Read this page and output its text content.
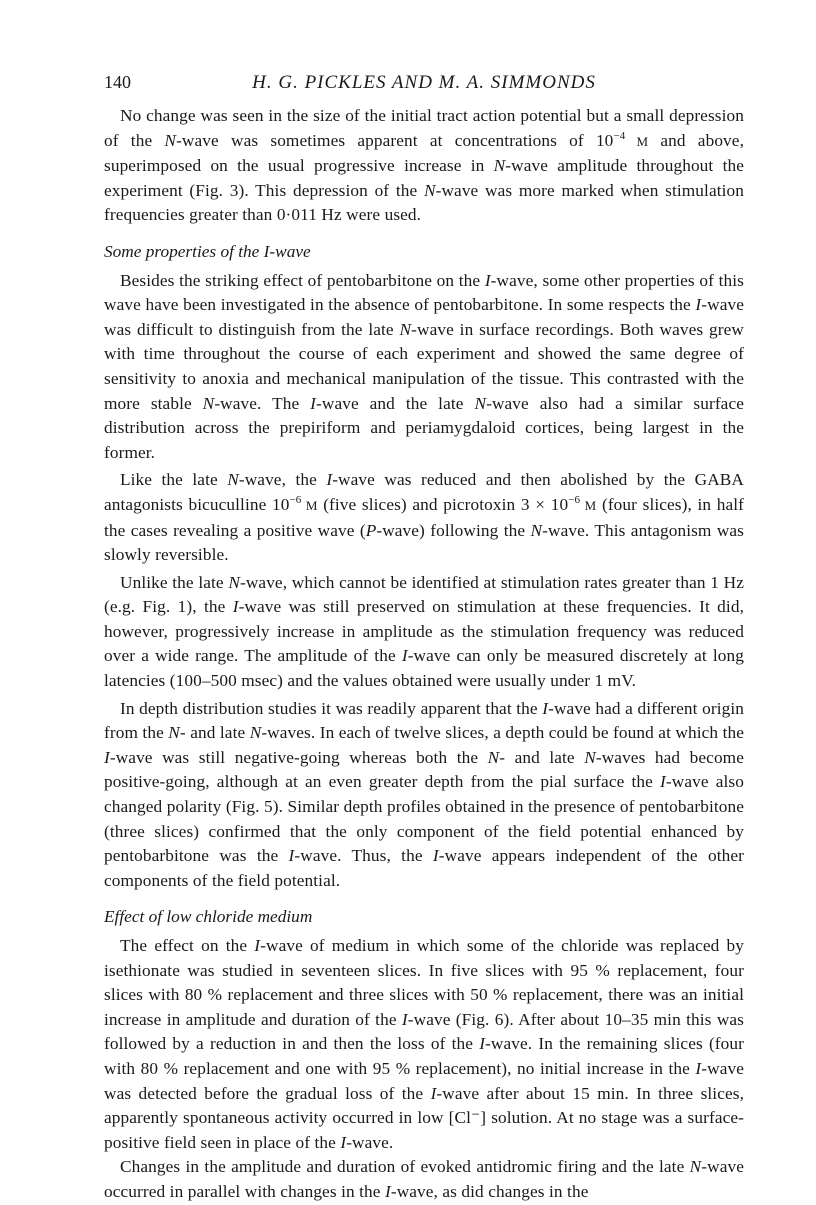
140	H. G. PICKLES AND M. A. SIMMONDS

No change was seen in the size of the initial tract action potential but a small depression of the N-wave was sometimes apparent at concentrations of $10^{-4}$ M and above, superimposed on the usual progressive increase in N-wave amplitude throughout the experiment (Fig. 3). This depression of the N-wave was more marked when stimulation frequencies greater than 0·011 Hz were used.

Some properties of the I-wave

Besides the striking effect of pentobarbitone on the I-wave, some other properties of this wave have been investigated in the absence of pentobarbitone. In some respects the I-wave was difficult to distinguish from the late N-wave in surface recordings. Both waves grew with time throughout the course of each experiment and showed the same degree of sensitivity to anoxia and mechanical manipulation of the tissue. This contrasted with the more stable N-wave. The I-wave and the late N-wave also had a similar surface distribution across the prepiriform and periamygdaloid cortices, being largest in the former.

Like the late N-wave, the I-wave was reduced and then abolished by the GABA antagonists bicuculline $10^{-6}$ M (five slices) and picrotoxin $3 \times 10^{-6}$ M (four slices), in half the cases revealing a positive wave (P-wave) following the N-wave. This antagonism was slowly reversible.

Unlike the late N-wave, which cannot be identified at stimulation rates greater than 1 Hz (e.g. Fig. 1), the I-wave was still preserved on stimulation at these frequencies. It did, however, progressively increase in amplitude as the stimulation frequency was reduced over a wide range. The amplitude of the I-wave can only be measured discretely at long latencies (100–500 msec) and the values obtained were usually under 1 mV.

In depth distribution studies it was readily apparent that the I-wave had a different origin from the N- and late N-waves. In each of twelve slices, a depth could be found at which the I-wave was still negative-going whereas both the N- and late N-waves had become positive-going, although at an even greater depth from the pial surface the I-wave also changed polarity (Fig. 5). Similar depth profiles obtained in the presence of pentobarbitone (three slices) confirmed that the only component of the field potential enhanced by pentobarbitone was the I-wave. Thus, the I-wave appears independent of the other components of the field potential.

Effect of low chloride medium

The effect on the I-wave of medium in which some of the chloride was replaced by isethionate was studied in seventeen slices. In five slices with 95 % replacement, four slices with 80 % replacement and three slices with 50 % replacement, there was an initial increase in amplitude and duration of the I-wave (Fig. 6). After about 10–35 min this was followed by a reduction in and then the loss of the I-wave. In the remaining slices (four with 80 % replacement and one with 95 % replacement), no initial increase in the I-wave was detected before the gradual loss of the I-wave after about 15 min. In three slices, apparently spontaneous activity occurred in low [Cl⁻] solution. At no stage was a surface-positive field seen in place of the I-wave.

Changes in the amplitude and duration of evoked antidromic firing and the late N-wave occurred in parallel with changes in the I-wave, as did changes in the
